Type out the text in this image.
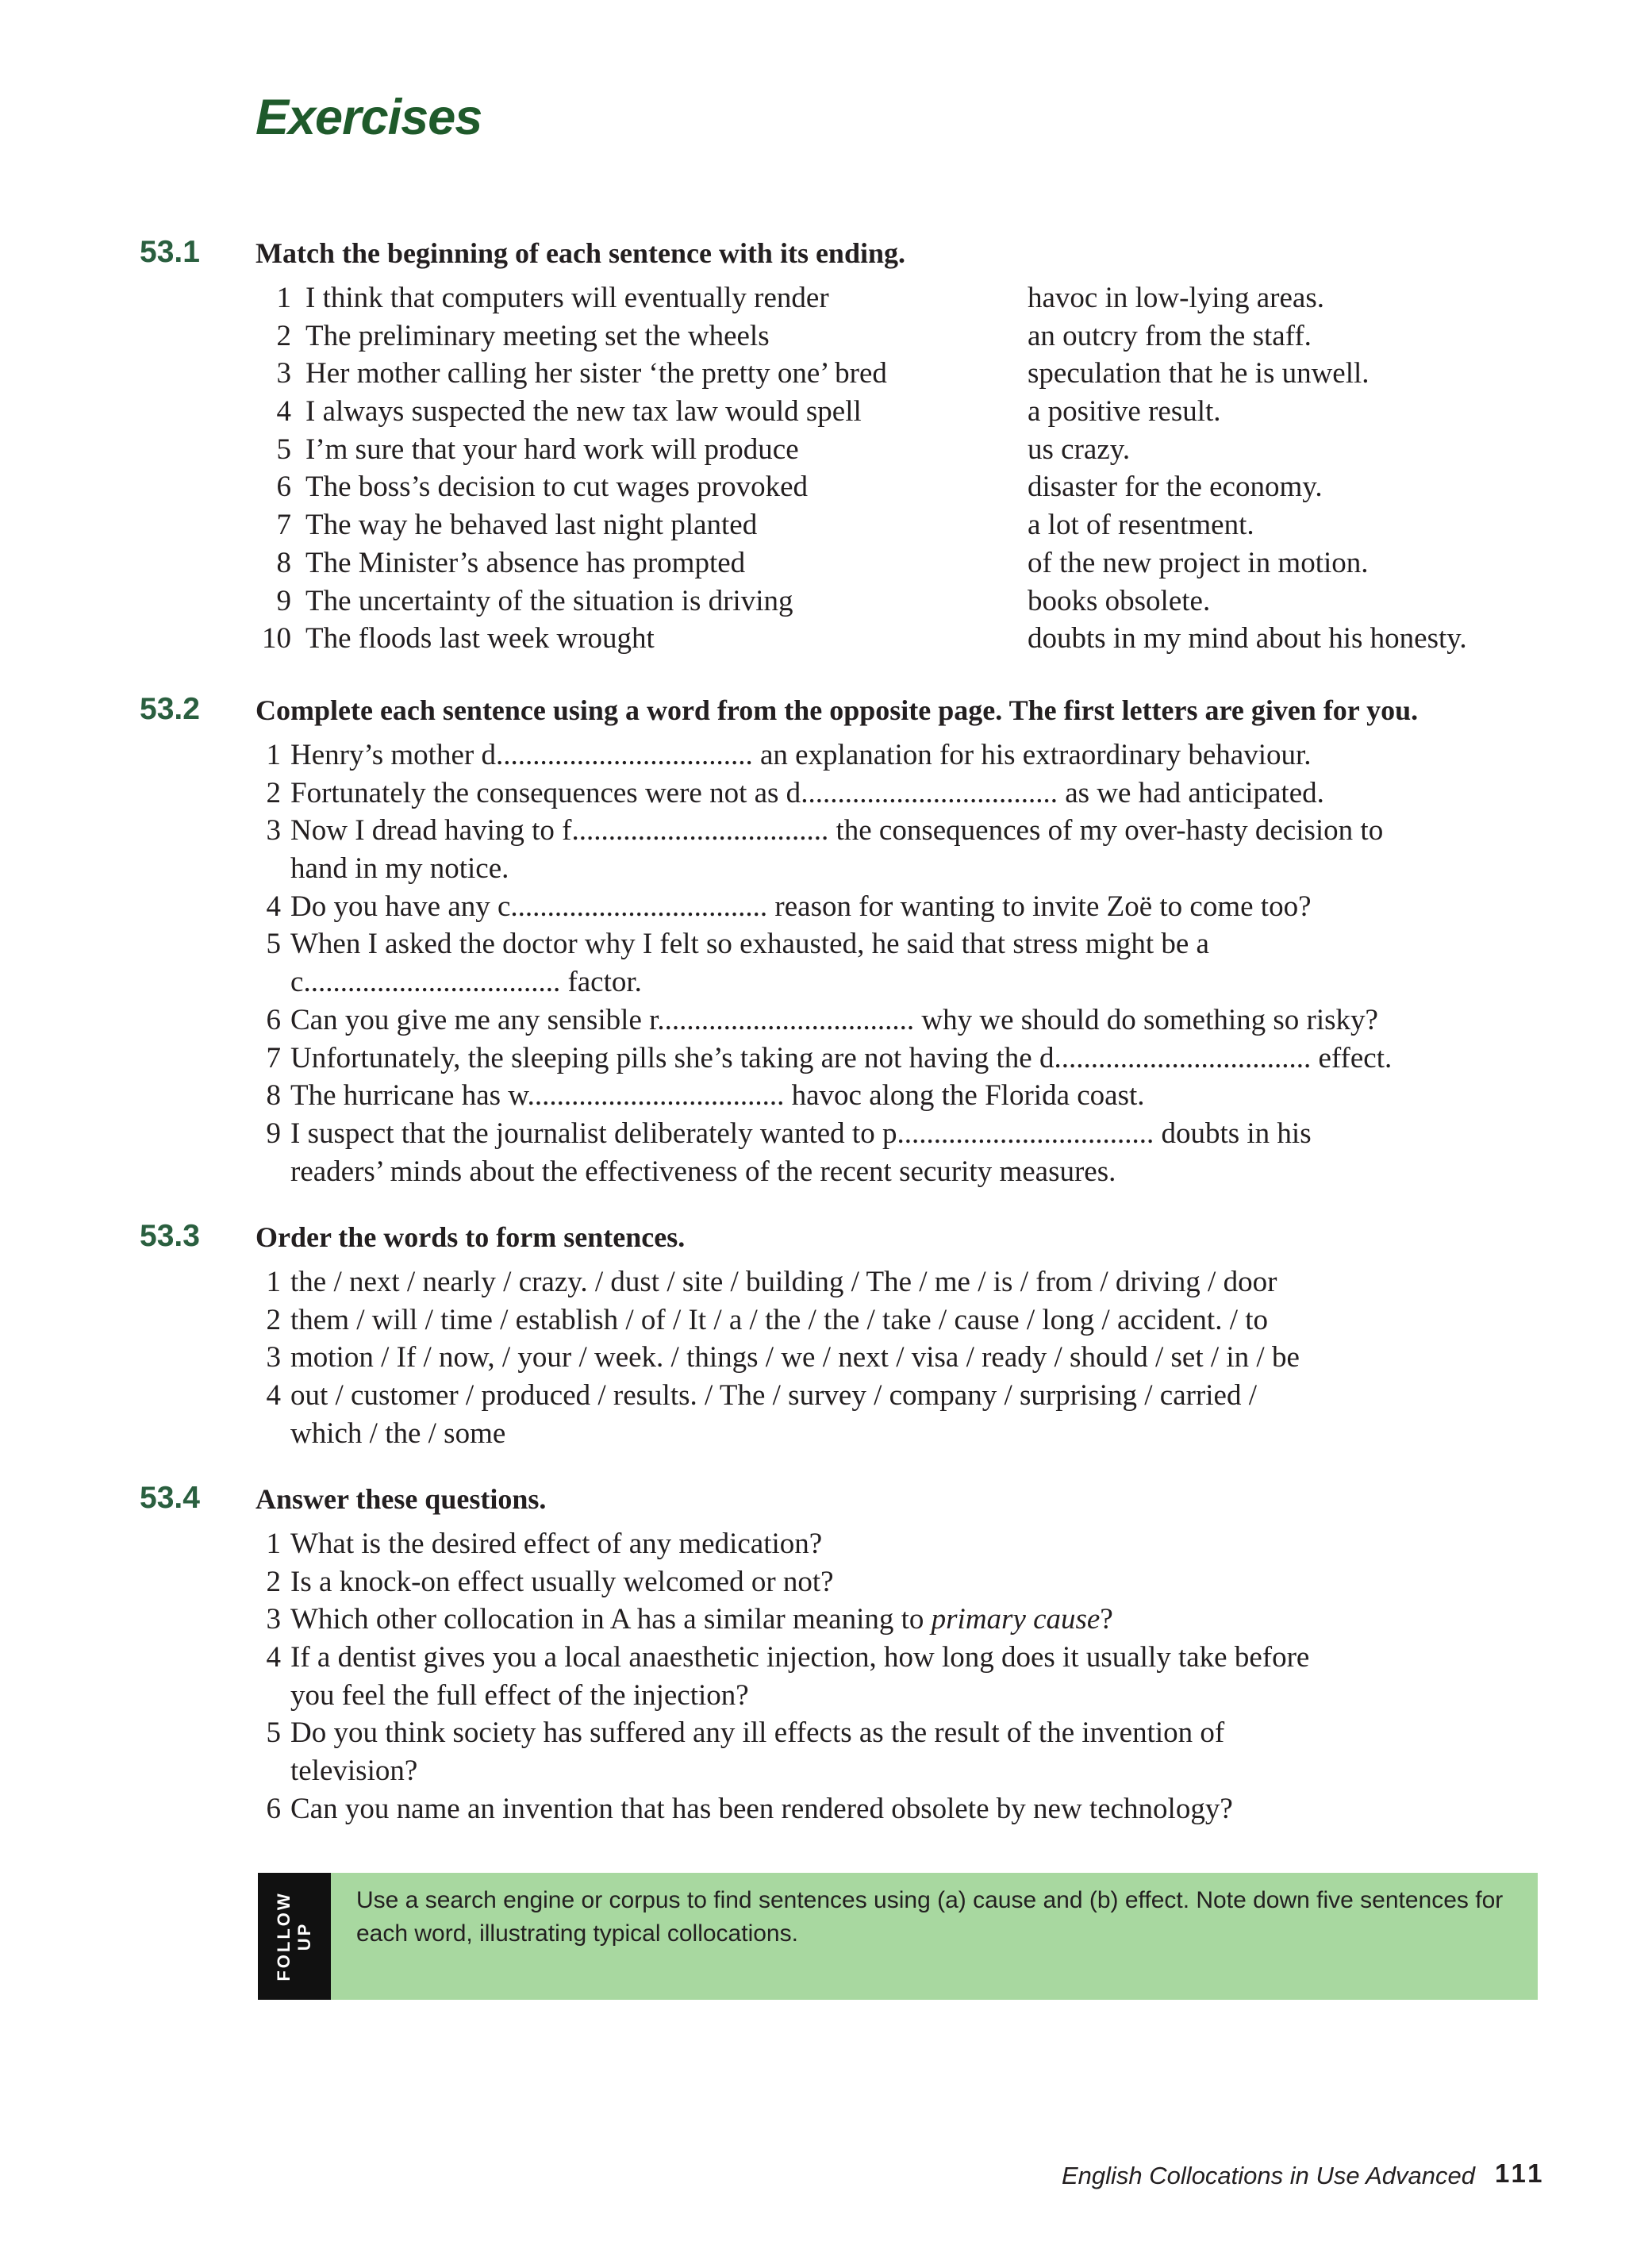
Exercises
53.1 Match the beginning of each sentence with its ending.
1 I think that computers will eventually render	havoc in low-lying areas.
2 The preliminary meeting set the wheels	an outcry from the staff.
3 Her mother calling her sister ‘the pretty one’ bred	speculation that he is unwell.
4 I always suspected the new tax law would spell	a positive result.
5 I’m sure that your hard work will produce	us crazy.
6 The boss’s decision to cut wages provoked	disaster for the economy.
7 The way he behaved last night planted	a lot of resentment.
8 The Minister’s absence has prompted	of the new project in motion.
9 The uncertainty of the situation is driving	books obsolete.
10 The floods last week wrought	doubts in my mind about his honesty.
53.2 Complete each sentence using a word from the opposite page. The first letters are given for you.
1 Henry’s mother d................................... an explanation for his extraordinary behaviour.
2 Fortunately the consequences were not as d................................... as we had anticipated.
3 Now I dread having to f................................... the consequences of my over-hasty decision to
hand in my notice.
4 Do you have any c................................... reason for wanting to invite Zoë to come too?
5 When I asked the doctor why I felt so exhausted, he said that stress might be a
c................................... factor.
6 Can you give me any sensible r................................... why we should do something so risky?
7 Unfortunately, the sleeping pills she’s taking are not having the d................................... effect.
8 The hurricane has w................................... havoc along the Florida coast.
9 I suspect that the journalist deliberately wanted to p................................... doubts in his
readers’ minds about the effectiveness of the recent security measures.
53.3 Order the words to form sentences.
1 the / next / nearly / crazy. / dust / site / building / The / me / is / from / driving / door
2 them / will / time / establish / of / It / a / the / the / take / cause / long / accident. / to
3 motion / If / now, / your / week. / things / we / next / visa / ready / should / set / in / be
4 out / customer / produced / results. / The / survey / company / surprising / carried /
which / the / some
53.4 Answer these questions.
1 What is the desired effect of any medication?
2 Is a knock-on effect usually welcomed or not?
3 Which other collocation in A has a similar meaning to primary cause?
4 If a dentist gives you a local anaesthetic injection, how long does it usually take before
you feel the full effect of the injection?
5 Do you think society has suffered any ill effects as the result of the invention of
television?
6 Can you name an invention that has been rendered obsolete by new technology?
FOLLOW
UP
Use a search engine or corpus to find sentences using (a) cause and (b) effect. Note down five sentences for each word, illustrating typical collocations.
English Collocations in Use Advanced 111
